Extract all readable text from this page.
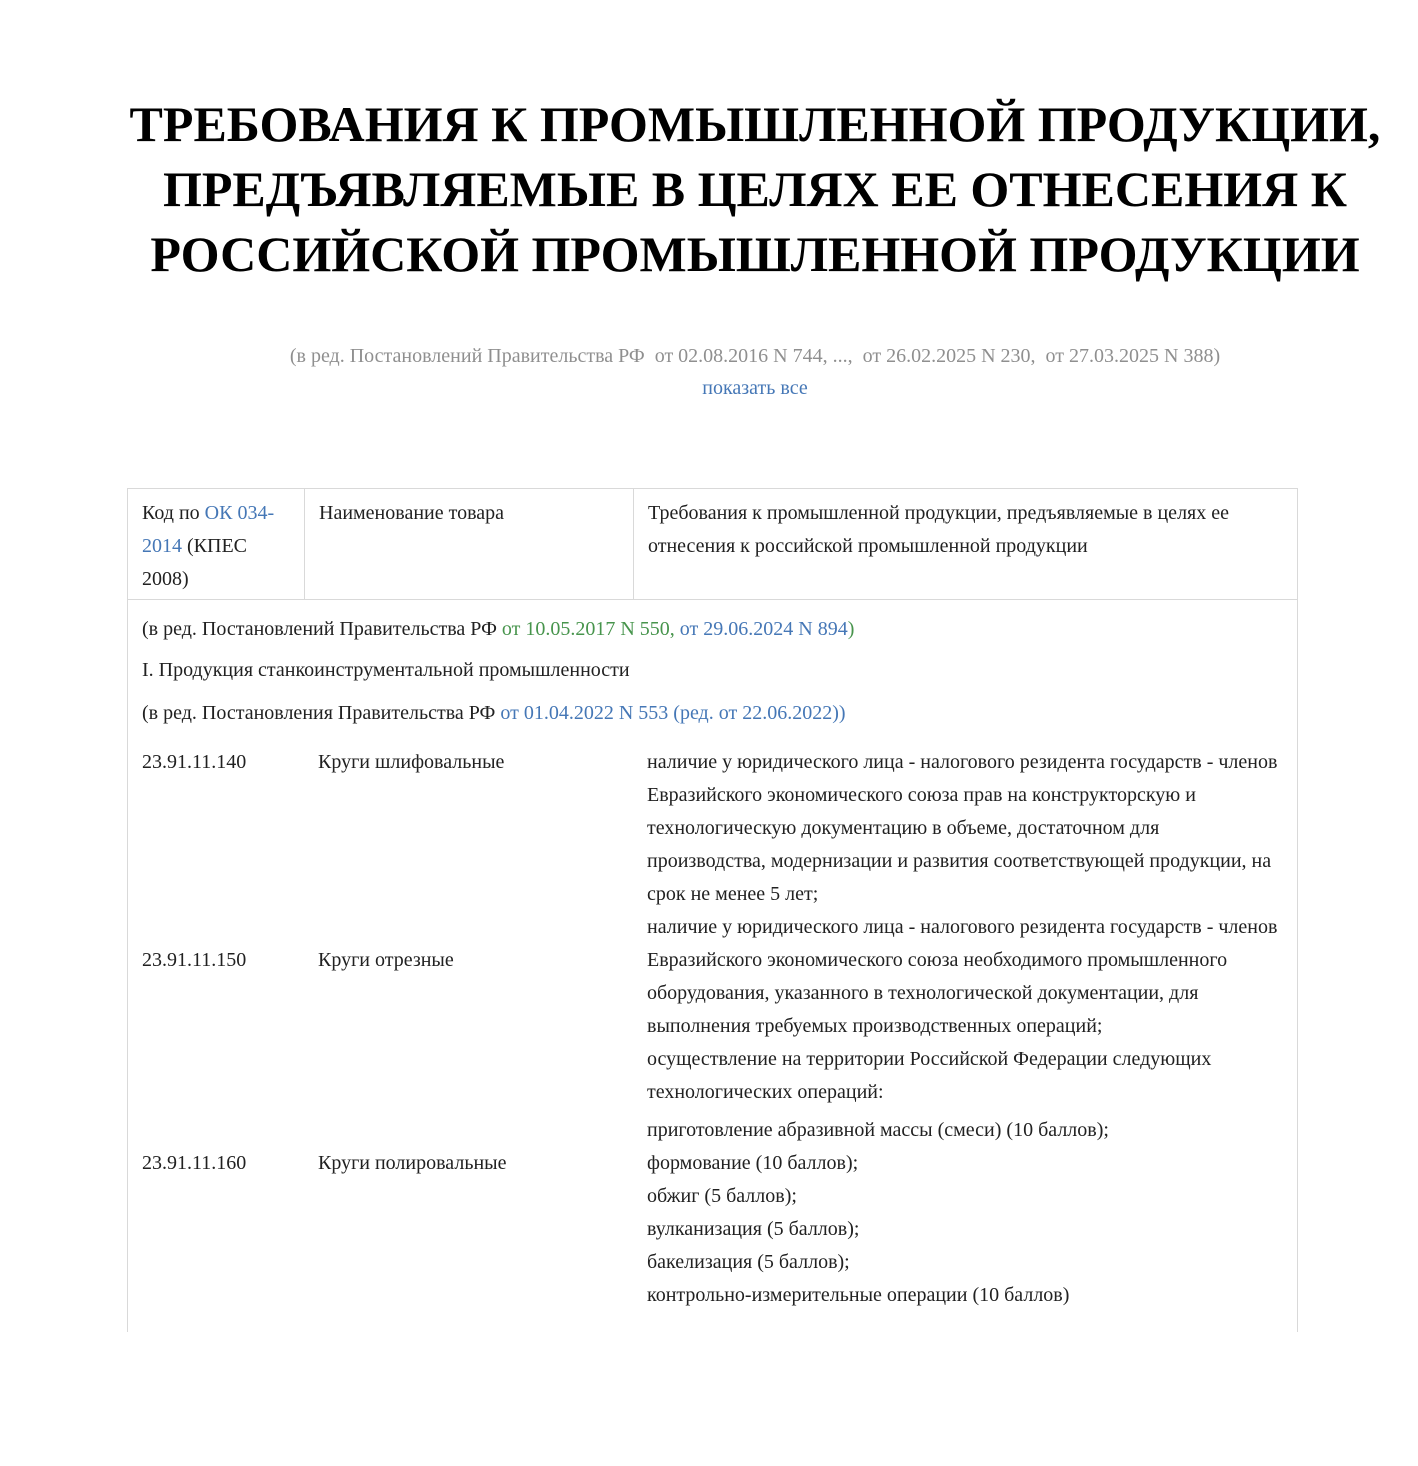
ТРЕБОВАНИЯ К ПРОМЫШЛЕННОЙ ПРОДУКЦИИ,
ПРЕДЪЯВЛЯЕМЫЕ В ЦЕЛЯХ ЕЕ ОТНЕСЕНИЯ К
РОССИЙСКОЙ ПРОМЫШЛЕННОЙ ПРОДУКЦИИ
(в ред. Постановлений Правительства РФ  от 02.08.2016 N 744, ...,  от 26.02.2025 N 230,  от 27.03.2025 N 388)
показать все
Код по ОК 034-2014 (КПЕС 2008)
Наименование товара	Требования к промышленной продукции, предъявляемые в целях ее отнесения к российской промышленной продукции
(в ред. Постановлений Правительства РФ от 10.05.2017 N 550, от 29.06.2024 N 894)
I. Продукция станкоинструментальной промышленности
(в ред. Постановления Правительства РФ от 01.04.2022 N 553 (ред. от 22.06.2022))
23.91.11.140
23.91.11.150
23.91.11.160
Круги шлифовальные
Круги отрезные
Круги полировальные

наличие у юридического лица - налогового резидента государств - членов Евразийского экономического союза прав на конструкторскую и технологическую документацию в объеме, достаточном для производства, модернизации и развития соответствующей продукции, на срок не менее 5 лет;

наличие у юридического лица - налогового резидента государств - членов Евразийского экономического союза необходимого промышленного оборудования, указанного в технологической документации, для выполнения требуемых производственных операций;

осуществление на территории Российской Федерации следующих технологических операций:

приготовление абразивной массы (смеси) (10 баллов);

формование (10 баллов);

обжиг (5 баллов);

вулканизация (5 баллов);

бакелизация (5 баллов);

контрольно-измерительные операции (10 баллов)
